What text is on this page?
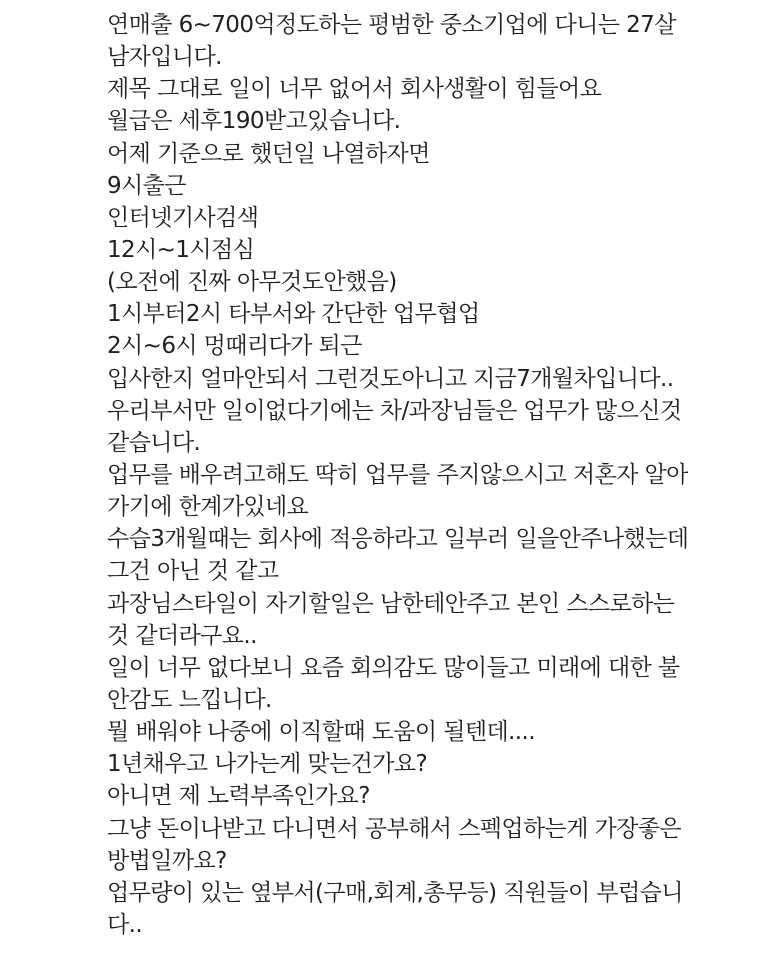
연매출 6~700억정도하는 평범한 중소기업에 다니는 27살
남자입니다.
제목 그대로 일이 너무 없어서 회사생활이 힘들어요
월급은 세후190받고있습니다.
어제 기준으로 했던일 나열하자면
9시출근
인터넷기사검색
12시~1시점심
(오전에 진짜 아무것도안했음)
1시부터2시 타부서와 간단한 업무협업
2시~6시 멍때리다가 퇴근
입사한지 얼마안되서 그런것도아니고 지금7개월차입니다..
우리부서만 일이없다기에는 차/과장님들은 업무가 많으신것
같습니다.
업무를 배우려고해도 딱히 업무를 주지않으시고 저혼자 알아
가기에 한계가있네요
수습3개월때는 회사에 적응하라고 일부러 일을안주나했는데
그건 아닌 것 같고
과장님스타일이 자기할일은 남한테안주고 본인 스스로하는
것 같더라구요..
일이 너무 없다보니 요즘 회의감도 많이들고 미래에 대한 불
안감도 느낍니다.
뭘 배워야 나중에 이직할때 도움이 될텐데....
1년채우고 나가는게 맞는건가요?
아니면 제 노력부족인가요?
그냥 돈이나받고 다니면서 공부해서 스펙업하는게 가장좋은
방법일까요?
업무량이 있는 옆부서(구매,회계,총무등) 직원들이 부럽습니
다..
